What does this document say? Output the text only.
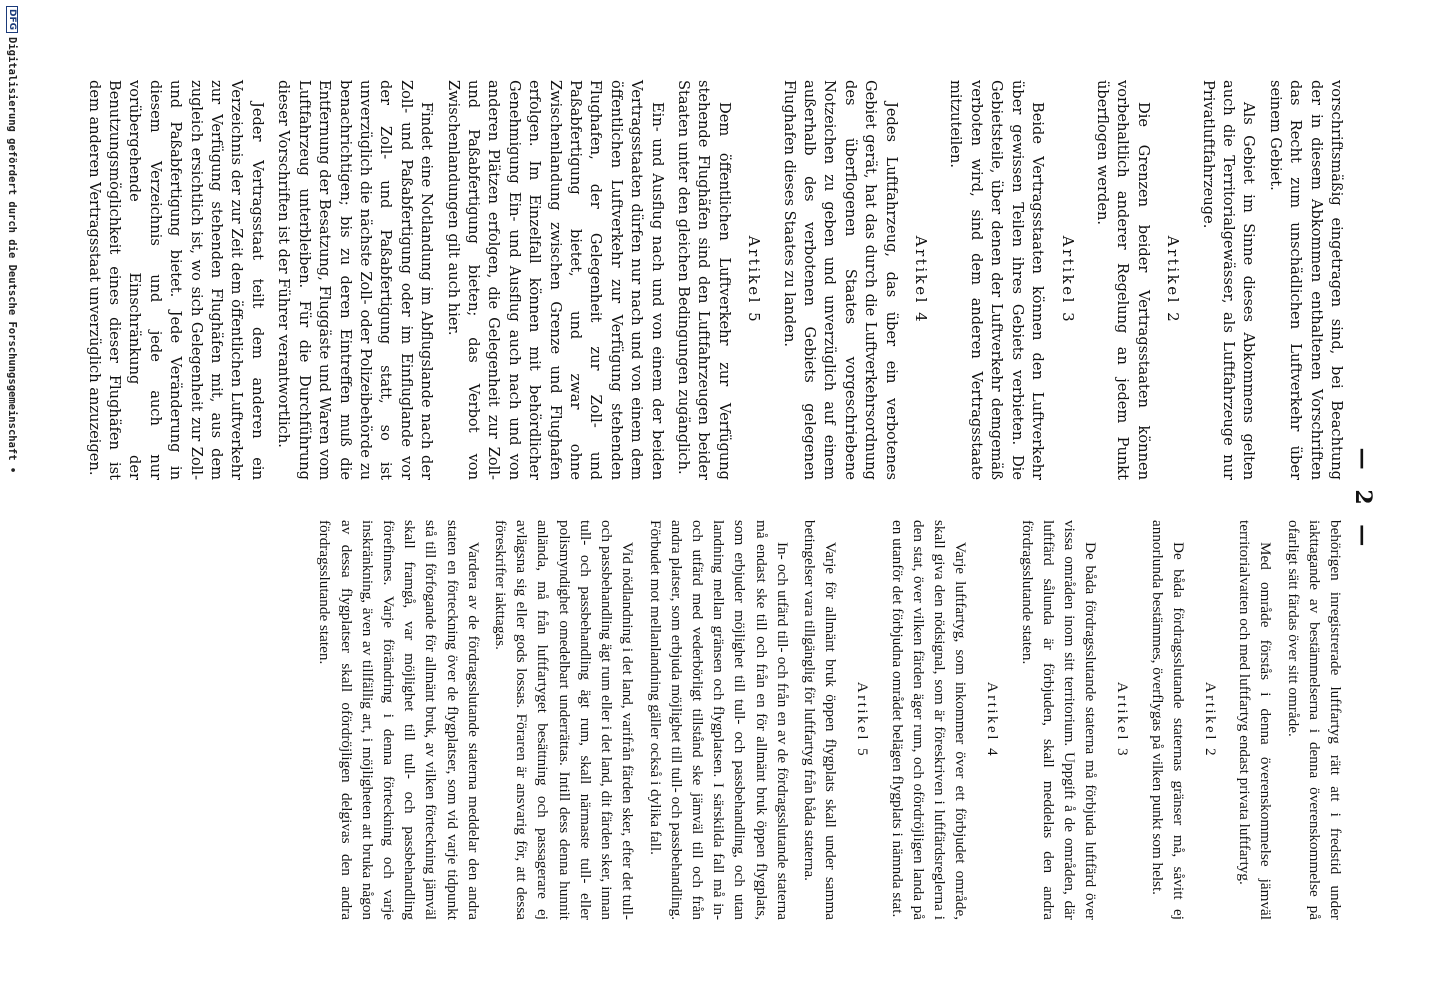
— 2 —

vorschriftsmäßig eingetragen sind, bei Beachtung der in diesem Abkommen enthaltenen Vorschriften das Recht zum unschädlichen Luftverkehr über seinem Gebiet.

Als Gebiet im Sinne dieses Abkommens gelten auch die Territorialgewässer, als Luftfahrzeuge nur Privatluftfahrzeuge.

Artikel 2

Die Grenzen beider Vertragsstaaten können vorbehaltlich anderer Regelung an jedem Punkt überflogen werden.

Artikel 3

Beide Vertragsstaaten können den Luftverkehr über gewissen Teilen ihres Gebiets verbieten. Die Gebietsteile, über denen der Luftverkehr demgemäß verboten wird, sind dem anderen Vertragsstaate mitzuteilen.

Artikel 4

Jedes Luftfahrzeug, das über ein verbotenes Gebiet gerät, hat das durch die Luftverkehrsordnung des überflogenen Staates vorgeschriebene Notzeichen zu geben und unverzüglich auf einem außerhalb des verbotenen Gebiets gelegenen Flughafen dieses Staates zu landen.

Artikel 5

Dem öffentlichen Luftverkehr zur Verfügung stehende Flughäfen sind den Luftfahrzeugen beider Staaten unter den gleichen Bedingungen zugänglich.

Ein- und Ausflug nach und von einem der beiden Vertragsstaaten dürfen nur nach und von einem dem öffentlichen Luftverkehr zur Verfügung stehenden Flughafen, der Gelegenheit zur Zoll- und Paßabfertigung bietet, und zwar ohne Zwischenlandung zwischen Grenze und Flughafen erfolgen. Im Einzelfall können mit behördlicher Genehmigung Ein- und Ausflug auch nach und von anderen Plätzen erfolgen, die Gelegenheit zur Zoll- und Paßabfertigung bieten; das Verbot von Zwischenlandungen gilt auch hier.

Findet eine Notlandung im Abflugslande nach der Zoll- und Paßabfertigung oder im Einfluglande vor der Zoll- und Paßabfertigung statt, so ist unverzüglich die nächste Zoll- oder Polizeibehörde zu benachrichtigen; bis zu deren Eintreffen muß die Entfernung der Besatzung, Fluggäste und Waren vom Luftfahrzeug unterbleiben. Für die Durchführung dieser Vorschriften ist der Führer verantwortlich.

Jeder Vertragsstaat teilt dem anderen ein Verzeichnis der zur Zeit dem öffentlichen Luftverkehr zur Verfügung stehenden Flughäfen mit, aus dem zugleich ersichtlich ist, wo sich Gelegenheit zur Zoll- und Paßabfertigung bietet. Jede Veränderung in diesem Verzeichnis und jede auch nur vorübergehende Einschränkung der Benutzungsmöglichkeit eines dieser Flughäfen ist dem anderen Vertragsstaat unverzüglich anzuzeigen.

behörigen inregistrerade luftfartyg rätt att i fredstid under iakttagande av bestämmelserna i denna överenskommelse på ofarligt sätt färdas över sitt område.

Med område förstås i denna överenskommelse jämväl territorialvatten och med luftfartyg endast privata luftfartyg.

Artikel 2

De båda fördragsslutande staternas gränser må, såvitt ej annorlunda bestämmes, överflygas på vilken punkt som helst.

Artikel 3

De båda fördragsslutande staterna må förbjuda luftfärd över vissa områden inom sitt territorium. Uppgift å de områden, där luftfärd sålunda är förbjuden, skall meddelas den andra fördragsslutande staten.

Artikel 4

Varje luftfartyg, som inkommer över ett förbjudet område, skall giva den nödsignal, som är föreskriven i luftfärdsreglerna i den stat, över vilken färden äger rum, och ofördröjligen landa på en utanför det förbjudna området belägen flygplats i nämnda stat.

Artikel 5

Varje för allmänt bruk öppen flygplats skall under samma betingelser vara tillgänglig för luftfartyg från båda staterna.

In- och utfärd till- och från en av de fördragsslutande staterna må endast ske till och från en för allmänt bruk öppen flygplats, som erbjuder möjlighet till tull- och passbehandling, och utan landning mellan gränsen och flygplatsen. I särskilda fall må in- och utfärd med vederbörligt tillstånd ske jämväl till och från andra platser, som erbjuda möjlighet till tull- och passbehandling. Förbudet mot mellanlandning gäller också i dylika fall.

Vid nödlandning i det land, varifrån färden sker, efter det tull- och passbehandling ägt rum eller i det land, dit färden sker, innan tull- och passbehandling ägt rum, skall närmaste tull- eller polismyndighet omedelbart underrättas. Intill dess denna hunnit anlända, må från luftfartyget besättning och passagerare ej avlägsna sig eller gods lossas. Föraren är ansvarig för, att dessa föreskrifter iakttagas.

Vardera av de fördragsslutande staterna meddelar den andra staten en förteckning över de flygplatser, som vid varje tidpunkt stå till förfogande för allmänt bruk, av vilken förteckning jämväl skall framgå, var möjlighet till tull- och passbehandling förefinnes. Varje förändring i denna förteckning och varje inskränkning, även av tillfällig art, i möjligheten att bruka någon av dessa flygplatser skall ofördröjligen delgivas den andra fördragsslutande staten.

DFGDigitalisierung gefördert durch die Deutsche Forschungsgemeinschaft •
